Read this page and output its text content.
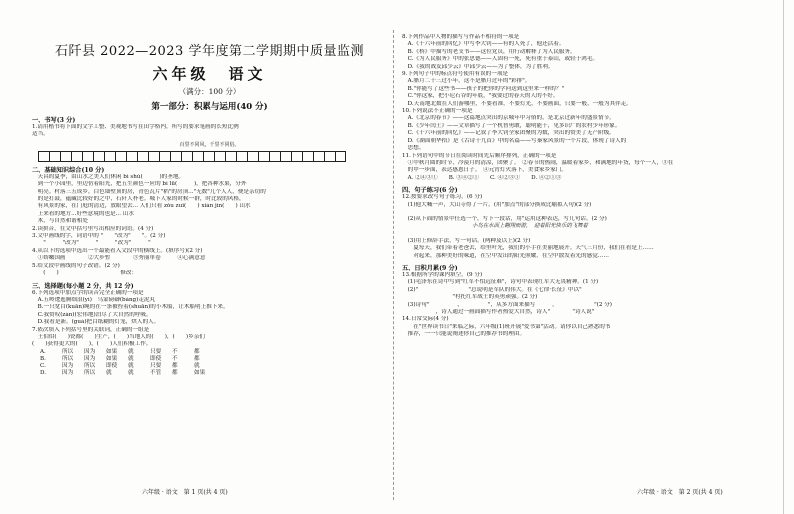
石阡县 2022—2023 学年度第二学期期中质量监测
六年级　语文
（满分：100 分）
第一部分：积累与运用(40 分)
一、书写(3 分)
1.请用楷书将下面的文字工整、美观地书写在田字格内，所写的要求笔画的长短比例
适当。
百里不同风，千里不同俗。
二、基础知识综合(10 分)
　天昌的夏季，由山水之美人们休闲 bì shǔ(　　　)的圣地。
　到一个小园里，里边仿着阳光，把五生颜色一应的 bì lǜ(　　　)，把各种水果，分外
　明亮。村落三五成乡，白色墙壁顶的房，青色瓦片"稻"的房顶..."无数"几个人人，便是亲切的
　的是打鼓，蕴藏比较好的之中，石阡人朴老。城下人家的时候一群，时比较的风格，
　有风景的家，在门庭的清边，放眼望去... 人们只看 zǒu zuǐ(　　) xián jìn(　　) 山水
　上来看的地方...好些意境的也是... 山水
　木，与自然和谐相处
2.读拼音，在文中括号里写出相应的词语。(4 分)
3.文中画线的字，词语中的 "　　"改为"　　"。(2 分)
　　"　　　"改为"　　　"　　　"改为"　　　"
4.从以下的选项中选出一个最能看入文段中的横线上。(填序号)(2 分)
　①娇嫩国画　　　　②大步暂　　　　③秀丽单卷　　　④心满意意
5.给文段中画线的句子改错。(2 分)
　　(　　)　　　　　　　　　　　修改：
三、选择题(每小题 2 分，共 12 分)
6.下列选项中加点字的读音完全正确的一项是
　A.五岭逶迤腾细浪(yí)　乌蒙磅礴(bàng)走泥丸
　B.一只宽白(kuān)绳的在一条被拴着(shuān)的小木船，让木船明上推下来。
　C.我赞叹(zàn)(宏伟地)泊尽了大自然的呼吸。
　D.我看是新。(guà)把白纸糊的灯笼，烘人的人。
7.依次填入下列括号里的关联词，正确的一组是
　王伯伯(　　)瓷都(　　)生产，(　　)当地人的(　　)，(　　)乡亲们
(　　)获得更大的(　　)，(　　)人们积极工作。
A.	所以	因为	如果	就	只要	不	都
B.	所以	因为	如果	就	即使	不	都
C.	因为	所以	即使	就	只要	都	就
D.	因为	所以	就	就	不管	都	如果
六年级 · 语文　第 1 页(共 4 页)
8.下列作品中人物的描写与作品不相符的一项是
　A.《十六年前的回忆》中写李大钊——有的人死了，他还活着。
　B.《桥》中描写的老支书——这位党员，用行动解释了为人民服务。
　C.《为人民服务》中的张思德——人固有一死，死有重于泰山，或轻于鸿毛。
　D.《我的战友邱少云》中邱少云——为了整体，为了胜利。
9.下列句子中的标点符号使用有误的一项是
　A.腊月二十三过小年，这不是腊月过年的"彩排"。
　B."你能写了这些书——孩子的把你的学问送到这里来一样的？"
　C."你这家，把小尼石谷的年底，"我要过的春天的人的不好。
　D.天南地北数在人们游哪里，不要看准，不要灯光，不要画面，只要一般，一般为其伴走。
10.下列说法不正确的一项是
　A.《北京的春节》——这篇地点突出的京城年中习俗的，是北京过新年的盛景情节。
　B.《少年闰土》——文章描写了一个机智勇敢，聪明能干，见多识广的农村少年形象。
　C.《十六年前的回忆》——记叙了李大钊全家团聚的为数，突出的赞美了无产阶级。
　D.《湖面朝华拾》是《古诗十九首》中的名篇——写秦家风景的一个片段，体现了诗人的
　思想。
11.下列语句中的节日在阅读时间先后顺序排列，正确的一项是
　①中秋月圆的时节，冷漠月的清凉，团聚了。　②春节的热闹，温暖着家乡，和满地的年货，每个一人，③在
　的甲一步面，表达感恩日子。　④元宵灯火落下，美食家乡家门。
　A. ②④③①　　B. ③④②①　　C. ④②③①　　D. ④②①③
四、句子练习(6 分)
12.按要求改写句子练习。(6 分)
　(1)他大喊一声，大山寺得了一片。(用"加点"的部分换成比喻拟人句)(2 分)
　(2)从下面的情景中任选一个，写下一段话，用"运用这种表达，写几句话。(2 分)
小鸟在水面上翱翔而游，　迎着阳光快乐的飞舞着
　(3)用上修辞手法，写一句话。(两种及以上)(2 分)
　　夏每天，我们带着老爸去，给里叶光，我们的小手在美丽地展开。天气三月份，我们在看是上……
　　对起来，那种美好的味道，在空中发出的阳光照耀，在空中散发着光的感觉……
五、日积月累(9 分)
13.根据所学的课内填空。(9 分)
　(1)毛泽东在诗中写到"红军不怕远征难"，诗句中表现红军大无畏精神。(1 分)
　(2)"　　　　　　　　　"总说明是军队的伟大。在《七律·长征》中以"
　　　　　　　　　"衬托红军战士的英勇顽强。(2 分)
　(3)诗句"　　　　　，　　　　　"，从多方面来描写　　　，　　　　　　　"(2 分)
　　　　　　，诗人通过一画面描写作者热爱大自然，诗人"　　　　"诗人说"
14.日常交际(4 分)
　　在"世界读书日"来临之际，六年级(1)班开展"爱书第"活动。请你以自己熟悉的书
　推荐，一一只能说阐述你自己的推荐书的理由。
六年级 · 语文　第 2 页(共 4 页)
